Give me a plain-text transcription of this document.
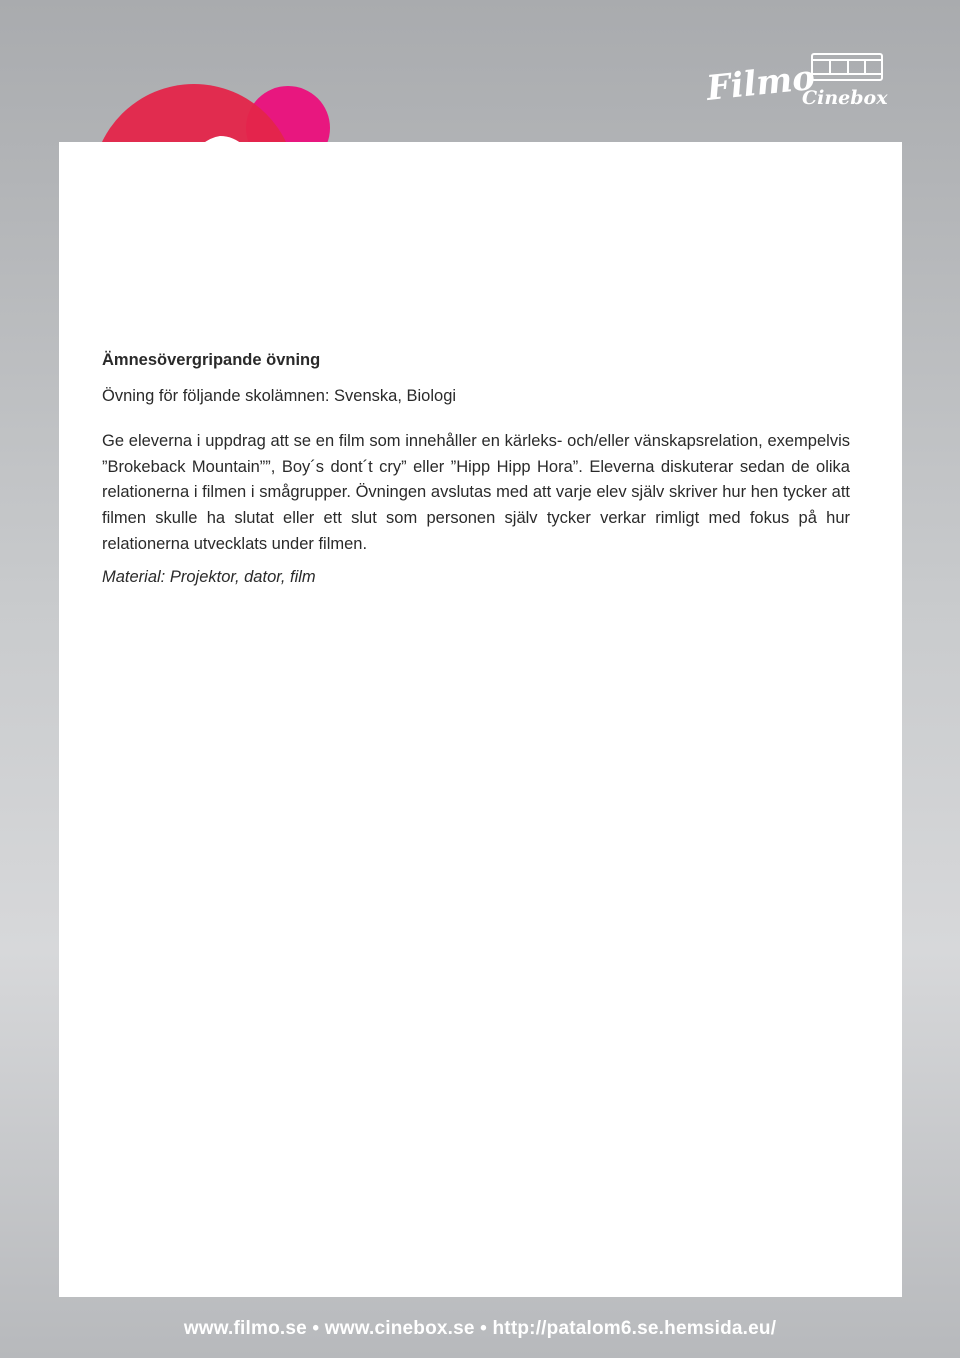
Filmo
Cinebox

Ämnesövergripande övning

Övning för följande skolämnen: Svenska, Biologi

Ge eleverna i uppdrag att se en film som innehåller en kärleks- och/eller vänskapsrelation, exempelvis ”Brokeback Mountain””, Boy´s dont´t cry” eller ”Hipp Hipp Hora”. Eleverna diskuterar sedan de olika relationerna i filmen i smågrupper. Övningen avslutas med att varje elev själv skriver hur hen tycker att filmen skulle ha slutat eller ett slut som personen själv tycker verkar rimligt med fokus på hur relationerna utvecklats under filmen.

Material: Projektor, dator, film

www.filmo.se • www.cinebox.se • http://patalom6.se.hemsida.eu/
